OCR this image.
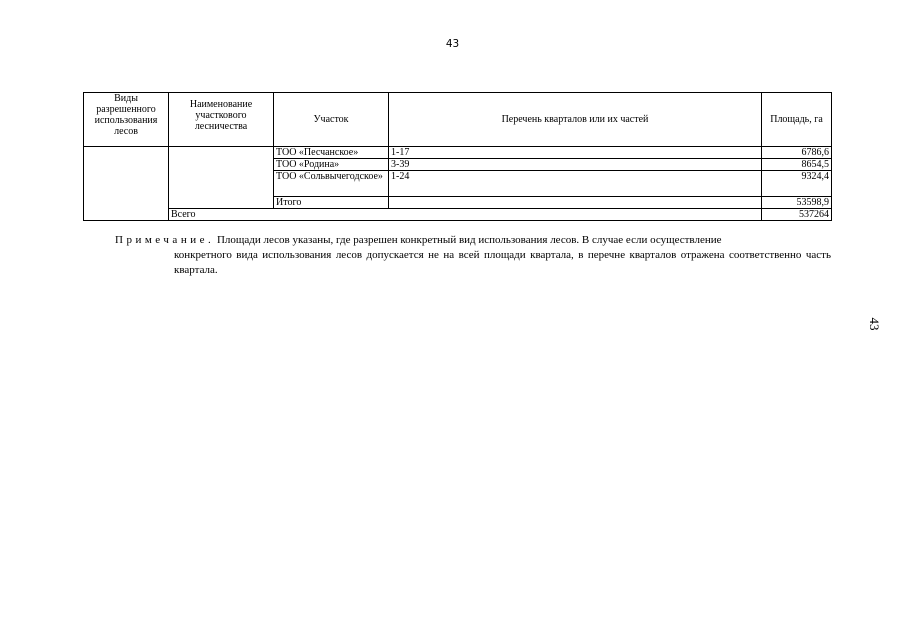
43
43
Виды разрешенного использования лесов	Наименование участкового лесничества	Участок	Перечень кварталов или их частей	Площадь, га
		ТОО «Песчанское»	1-17	6786,6
		ТОО «Родина»	3-39	8654,5
		ТОО «Сольвычегодское»	1-24	9324,4
		Итого		53598,9
	Всего			537264
Примечание. Площади лесов указаны, где разрешен конкретный вид использования лесов. В случае если осуществление
конкретного вида использования лесов допускается не на всей площади квартала, в перечне кварталов отражена соответственно часть квартала.
